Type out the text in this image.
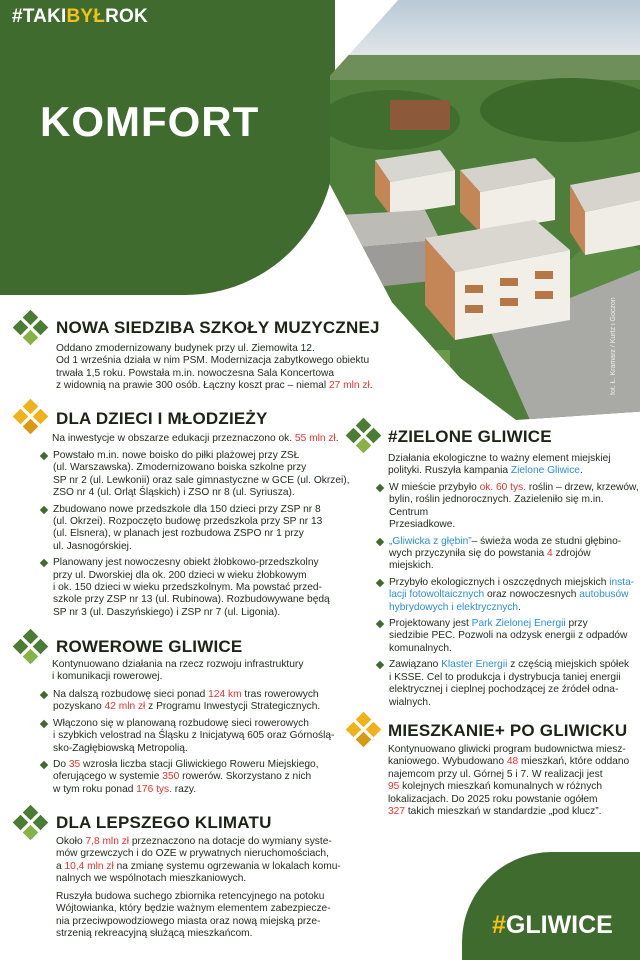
#TAKIBYŁROK
KOMFORT
fot. Ł. Kramarz / Kurtz i Goczon
NOWA SIEDZIBA SZKOŁY MUZYCZNEJ
Oddano zmodernizowany budynek przy ul. Ziemowita 12.
Od 1 września działa w nim PSM. Modernizacja zabytkowego obiektu
trwała 1,5 roku. Powstała m.in. nowoczesna Sala Koncertowa
z widownią na prawie 300 osób. Łączny koszt prac – niemal 27 mln zł.
DLA DZIECI I MŁODZIEŻY
Na inwestycje w obszarze edukacji przeznaczono ok. 55 mln zł.
Powstało m.in. nowe boisko do piłki plażowej przy ZSŁ
(ul. Warszawska). Zmodernizowano boiska szkolne przy
SP nr 2 (ul. Lewkonii) oraz sale gimnastyczne w GCE (ul. Okrzei),
ZSO nr 4 (ul. Orląt Śląskich) i ZSO nr 8 (ul. Syriusza).
Zbudowano nowe przedszkole dla 150 dzieci przy ZSP nr 8
(ul. Okrzei). Rozpoczęto budowę przedszkola przy SP nr 13
(ul. Elsnera), w planach jest rozbudowa ZSPO nr 1 przy
ul. Jasnogórskiej.
Planowany jest nowoczesny obiekt żłobkowo-przedszkolny
przy ul. Dworskiej dla ok. 200 dzieci w wieku żłobkowym
i ok. 150 dzieci w wieku przedszkolnym. Ma powstać przed-
szkole przy ZSP nr 13 (ul. Rubinowa). Rozbudowywane będą
SP nr 3 (ul. Daszyńskiego) i ZSP nr 7 (ul. Ligonia).
ROWEROWE GLIWICE
Kontynuowano działania na rzecz rozwoju infrastruktury
i komunikacji rowerowej.
Na dalszą rozbudowę sieci ponad 124 km tras rowerowych
pozyskano 42 mln zł z Programu Inwestycji Strategicznych.
Włączono się w planowaną rozbudowę sieci rowerowych
i szybkich velostrad na Śląsku z Inicjatywą 605 oraz Górnoślą-
sko-Zagłębiowską Metropolią.
Do 35 wzrosła liczba stacji Gliwickiego Roweru Miejskiego,
oferującego w systemie 350 rowerów. Skorzystano z nich
w tym roku ponad 176 tys. razy.
DLA LEPSZEGO KLIMATU
Około 7,8 mln zł przeznaczono na dotacje do wymiany syste-
mów grzewczych i do OZE w prywatnych nieruchomościach,
a 10,4 mln zł na zmianę systemu ogrzewania w lokalach komu-
nalnych we wspólnotach mieszkaniowych.
Ruszyła budowa suchego zbiornika retencyjnego na potoku
Wójtowianka, który będzie ważnym elementem zabezpiecze-
nia przeciwpowodziowego miasta oraz nową miejską prze-
strzenią rekreacyjną służącą mieszkańcom.
#ZIELONE GLIWICE
Działania ekologiczne to ważny element miejskiej
polityki. Ruszyła kampania Zielone Gliwice.
W mieście przybyło ok. 60 tys. roślin – drzew, krzewów,
bylin, roślin jednorocznych. Zazieleniło się m.in. Centrum
Przesiadkowe.
„Gliwicka z głębin”– świeża woda ze studni głębino-
wych przyczyniła się do powstania 4 zdrojów
miejskich.
Przybyło ekologicznych i oszczędnych miejskich insta-
lacji fotowoltaicznych oraz nowoczesnych autobusów
hybrydowych i elektrycznych.
Projektowany jest Park Zielonej Energii przy
siedzibie PEC. Pozwoli na odzysk energii z odpadów
komunalnych.
Zawiązano Klaster Energii z częścią miejskich spółek
i KSSE. Cel to produkcja i dystrybucja taniej energii
elektrycznej i cieplnej pochodzącej ze źródeł odna-
wialnych.
MIESZKANIE+ PO GLIWICKU
Kontynuowano gliwicki program budownictwa miesz-
kaniowego. Wybudowano 48 mieszkań, które oddano
najemcom przy ul. Górnej 5 i 7. W realizacji jest
95 kolejnych mieszkań komunalnych w różnych
lokalizacjach. Do 2025 roku powstanie ogółem
327 takich mieszkań w standardzie „pod klucz”.
#GLIWICE
